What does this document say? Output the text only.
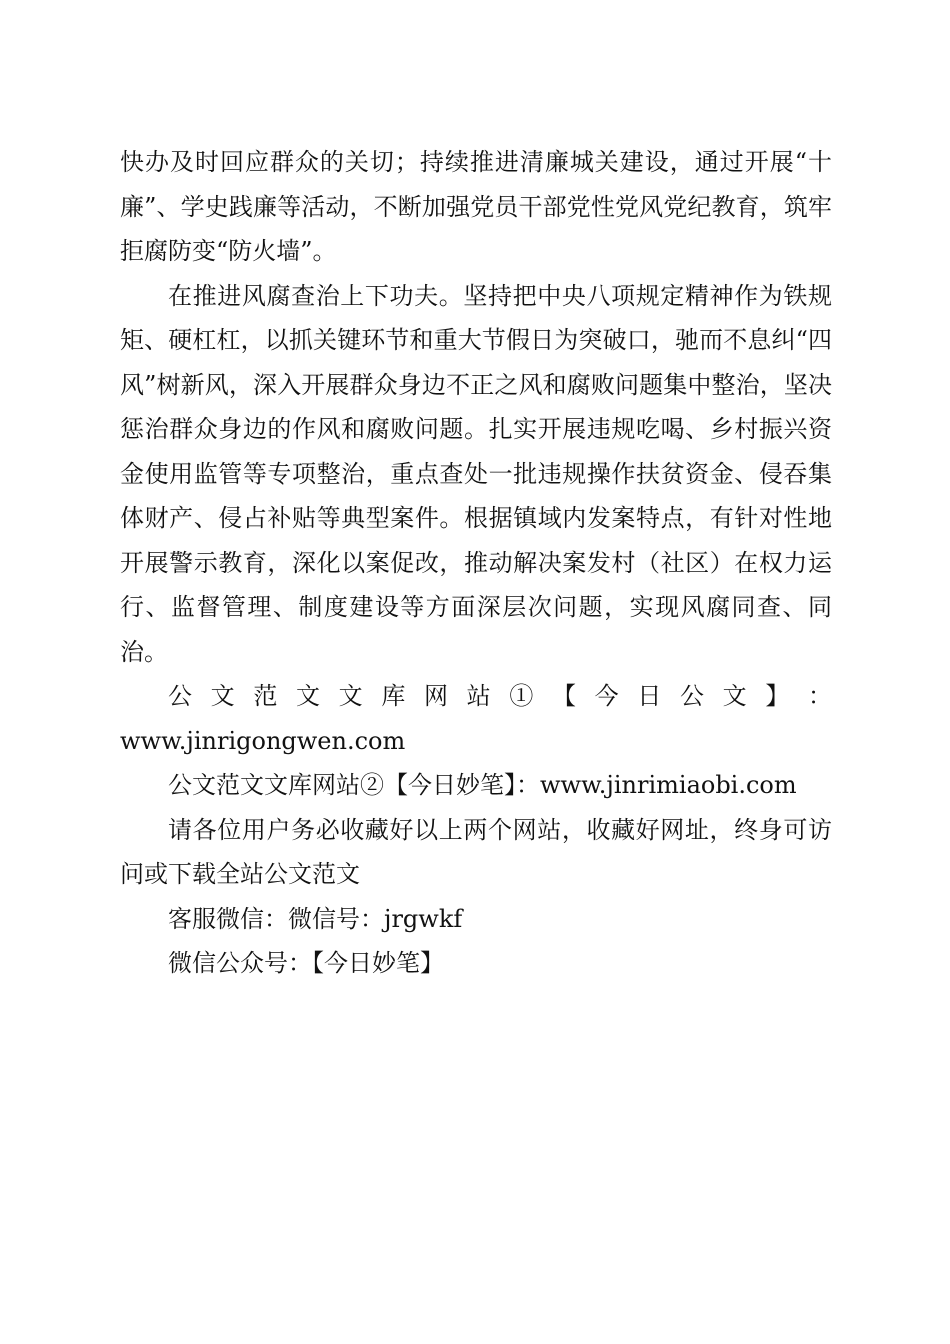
快办及时回应群众的关切；持续推进清廉城关建设，通过开展“十廉”、学史践廉等活动，不断加强党员干部党性党风党纪教育，筑牢拒腐防变“防火墙”。

在推进风腐查治上下功夫。坚持把中央八项规定精神作为铁规矩、硬杠杠，以抓关键环节和重大节假日为突破口，驰而不息纠“四风”树新风，深入开展群众身边不正之风和腐败问题集中整治，坚决惩治群众身边的作风和腐败问题。扎实开展违规吃喝、乡村振兴资金使用监管等专项整治，重点查处一批违规操作扶贫资金、侵吞集体财产、侵占补贴等典型案件。根据镇域内发案特点，有针对性地开展警示教育，深化以案促改，推动解决案发村（社区）在权力运行、监督管理、制度建设等方面深层次问题，实现风腐同查、同治。

公 文 范 文 文 库 网 站 ① 【 今 日 公 文 】 ：

www.jinrigongwen.com

公文范文文库网站②【今日妙笔】：www.jinrimiaobi.com

请各位用户务必收藏好以上两个网站，收藏好网址，终身可访问或下载全站公文范文

客服微信：微信号：jrgwkf

微信公众号：【今日妙笔】
